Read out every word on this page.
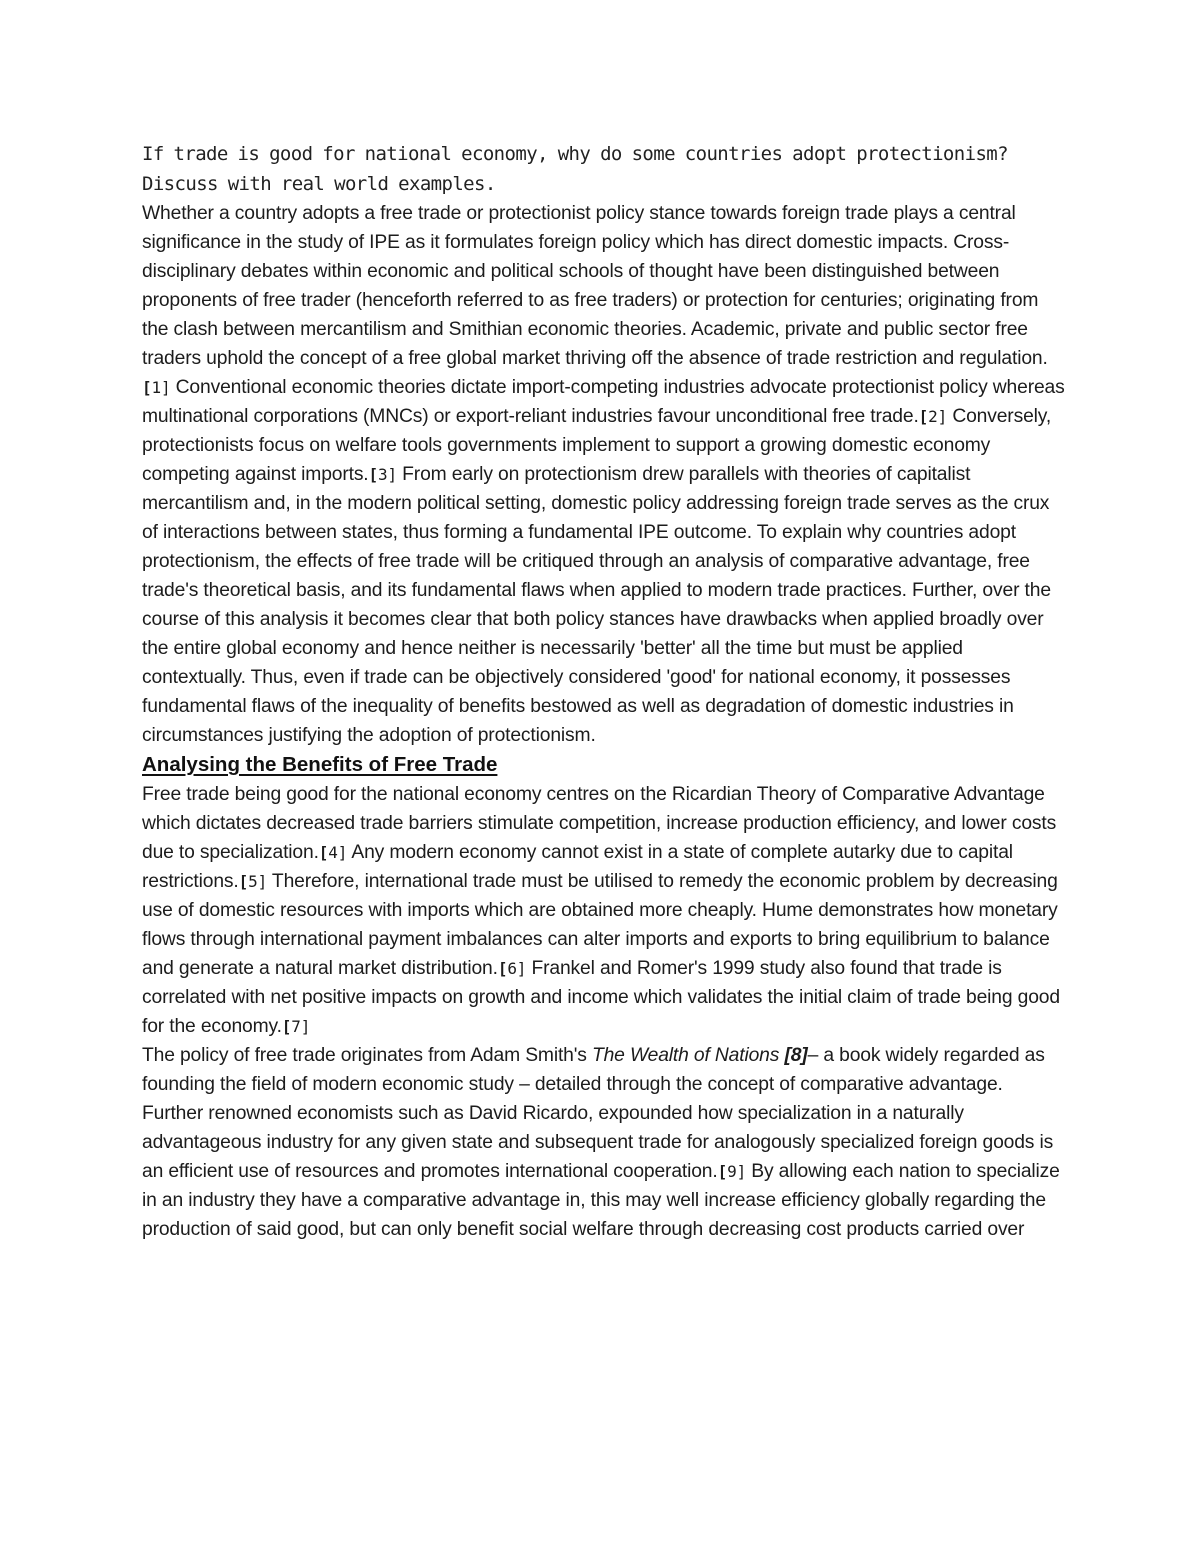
If trade is good for national economy, why do some countries adopt protectionism?
Discuss with real world examples.

Whether a country adopts a free trade or protectionist policy stance towards foreign trade plays a central significance in the study of IPE as it formulates foreign policy which has direct domestic impacts. Cross-disciplinary debates within economic and political schools of thought have been distinguished between proponents of free trader (henceforth referred to as free traders) or protection for centuries; originating from the clash between mercantilism and Smithian economic theories. Academic, private and public sector free traders uphold the concept of a free global market thriving off the absence of trade restriction and regulation.[1] Conventional economic theories dictate import-competing industries advocate protectionist policy whereas multinational corporations (MNCs) or export-reliant industries favour unconditional free trade.[2] Conversely, protectionists focus on welfare tools governments implement to support a growing domestic economy competing against imports.[3] From early on protectionism drew parallels with theories of capitalist mercantilism and, in the modern political setting, domestic policy addressing foreign trade serves as the crux of interactions between states, thus forming a fundamental IPE outcome. To explain why countries adopt protectionism, the effects of free trade will be critiqued through an analysis of comparative advantage, free trade's theoretical basis, and its fundamental flaws when applied to modern trade practices. Further, over the course of this analysis it becomes clear that both policy stances have drawbacks when applied broadly over the entire global economy and hence neither is necessarily 'better' all the time but must be applied contextually. Thus, even if trade can be objectively considered 'good' for national economy, it possesses fundamental flaws of the inequality of benefits bestowed as well as degradation of domestic industries in circumstances justifying the adoption of protectionism.

Analysing the Benefits of Free Trade

Free trade being good for the national economy centres on the Ricardian Theory of Comparative Advantage which dictates decreased trade barriers stimulate competition, increase production efficiency, and lower costs due to specialization.[4] Any modern economy cannot exist in a state of complete autarky due to capital restrictions.[5] Therefore, international trade must be utilised to remedy the economic problem by decreasing use of domestic resources with imports which are obtained more cheaply. Hume demonstrates how monetary flows through international payment imbalances can alter imports and exports to bring equilibrium to balance and generate a natural market distribution.[6] Frankel and Romer's 1999 study also found that trade is correlated with net positive impacts on growth and income which validates the initial claim of trade being good for the economy.[7]

The policy of free trade originates from Adam Smith's The Wealth of Nations [8]– a book widely regarded as founding the field of modern economic study – detailed through the concept of comparative advantage. Further renowned economists such as David Ricardo, expounded how specialization in a naturally advantageous industry for any given state and subsequent trade for analogously specialized foreign goods is an efficient use of resources and promotes international cooperation.[9] By allowing each nation to specialize in an industry they have a comparative advantage in, this may well increase efficiency globally regarding the production of said good, but can only benefit social welfare through decreasing cost products carried over
